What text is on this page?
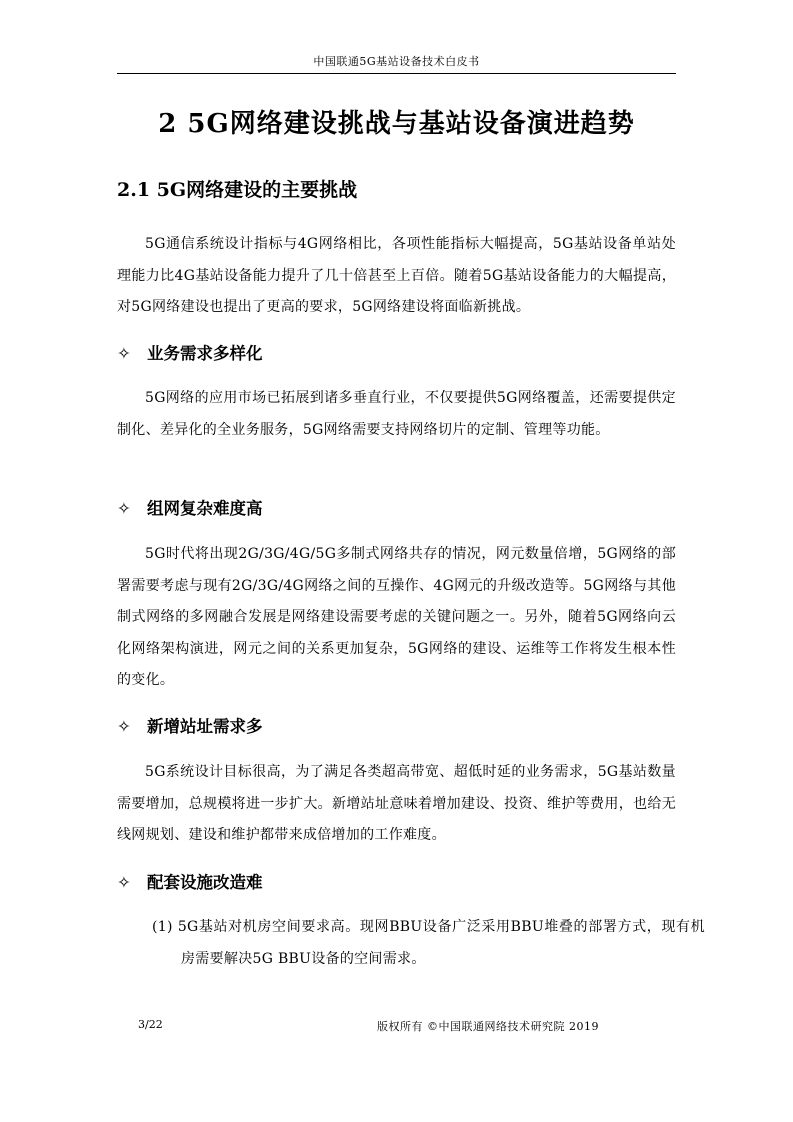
中国联通5G基站设备技术白皮书
2 5G网络建设挑战与基站设备演进趋势
2.1 5G网络建设的主要挑战

5G通信系统设计指标与4G网络相比，各项性能指标大幅提高，5G基站设备单站处理能力比4G基站设备能力提升了几十倍甚至上百倍。随着5G基站设备能力的大幅提高，对5G网络建设也提出了更高的要求，5G网络建设将面临新挑战。

✧ 业务需求多样化

5G网络的应用市场已拓展到诸多垂直行业，不仅要提供5G网络覆盖，还需要提供定制化、差异化的全业务服务，5G网络需要支持网络切片的定制、管理等功能。

✧ 组网复杂难度高

5G时代将出现2G/3G/4G/5G多制式网络共存的情况，网元数量倍增，5G网络的部署需要考虑与现有2G/3G/4G网络之间的互操作、4G网元的升级改造等。5G网络与其他制式网络的多网融合发展是网络建设需要考虑的关键问题之一。另外，随着5G网络向云化网络架构演进，网元之间的关系更加复杂，5G网络的建设、运维等工作将发生根本性的变化。

✧ 新增站址需求多

5G系统设计目标很高，为了满足各类超高带宽、超低时延的业务需求，5G基站数量需要增加，总规模将进一步扩大。新增站址意味着增加建设、投资、维护等费用，也给无线网规划、建设和维护都带来成倍增加的工作难度。

✧ 配套设施改造难

(1) 5G基站对机房空间要求高。现网BBU设备广泛采用BBU堆叠的部署方式，现有机房需要解决5G BBU设备的空间需求。

3/22	版权所有 ©中国联通网络技术研究院 2019
